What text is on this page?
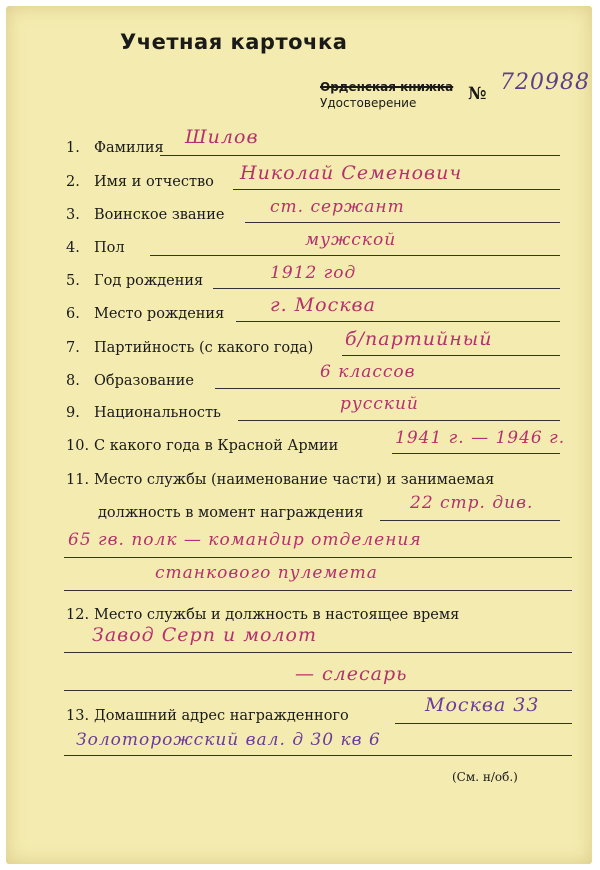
Учетная карточка
Орденская книжка
Удостоверение	№ 720988
1. Фамилия Шилов
2. Имя и отчество Николай Семенович
3. Воинское звание	ст. сержант
4. Пол	мужской
5. Год рождения	1912 год
6. Место рождения г. Москва
7. Партийность (с какого года) б/партийный
8. Образование	6 классов
9. Национальность	русский
10. С какого года в Красной Армии	1941 г. — 1946 г.
11. Место службы (наименование части) и занимаемая
должность в момент награждения	22 стр. див.
65 гв. полк — командир отделения
станкового пулемета
12. Место службы и должность в настоящее время
Завод Серп и молот
— слесарь
13. Домашний адрес награжденного	Москва 33
Золоторожский вал. д 30 кв 6
(См. н/об.)
